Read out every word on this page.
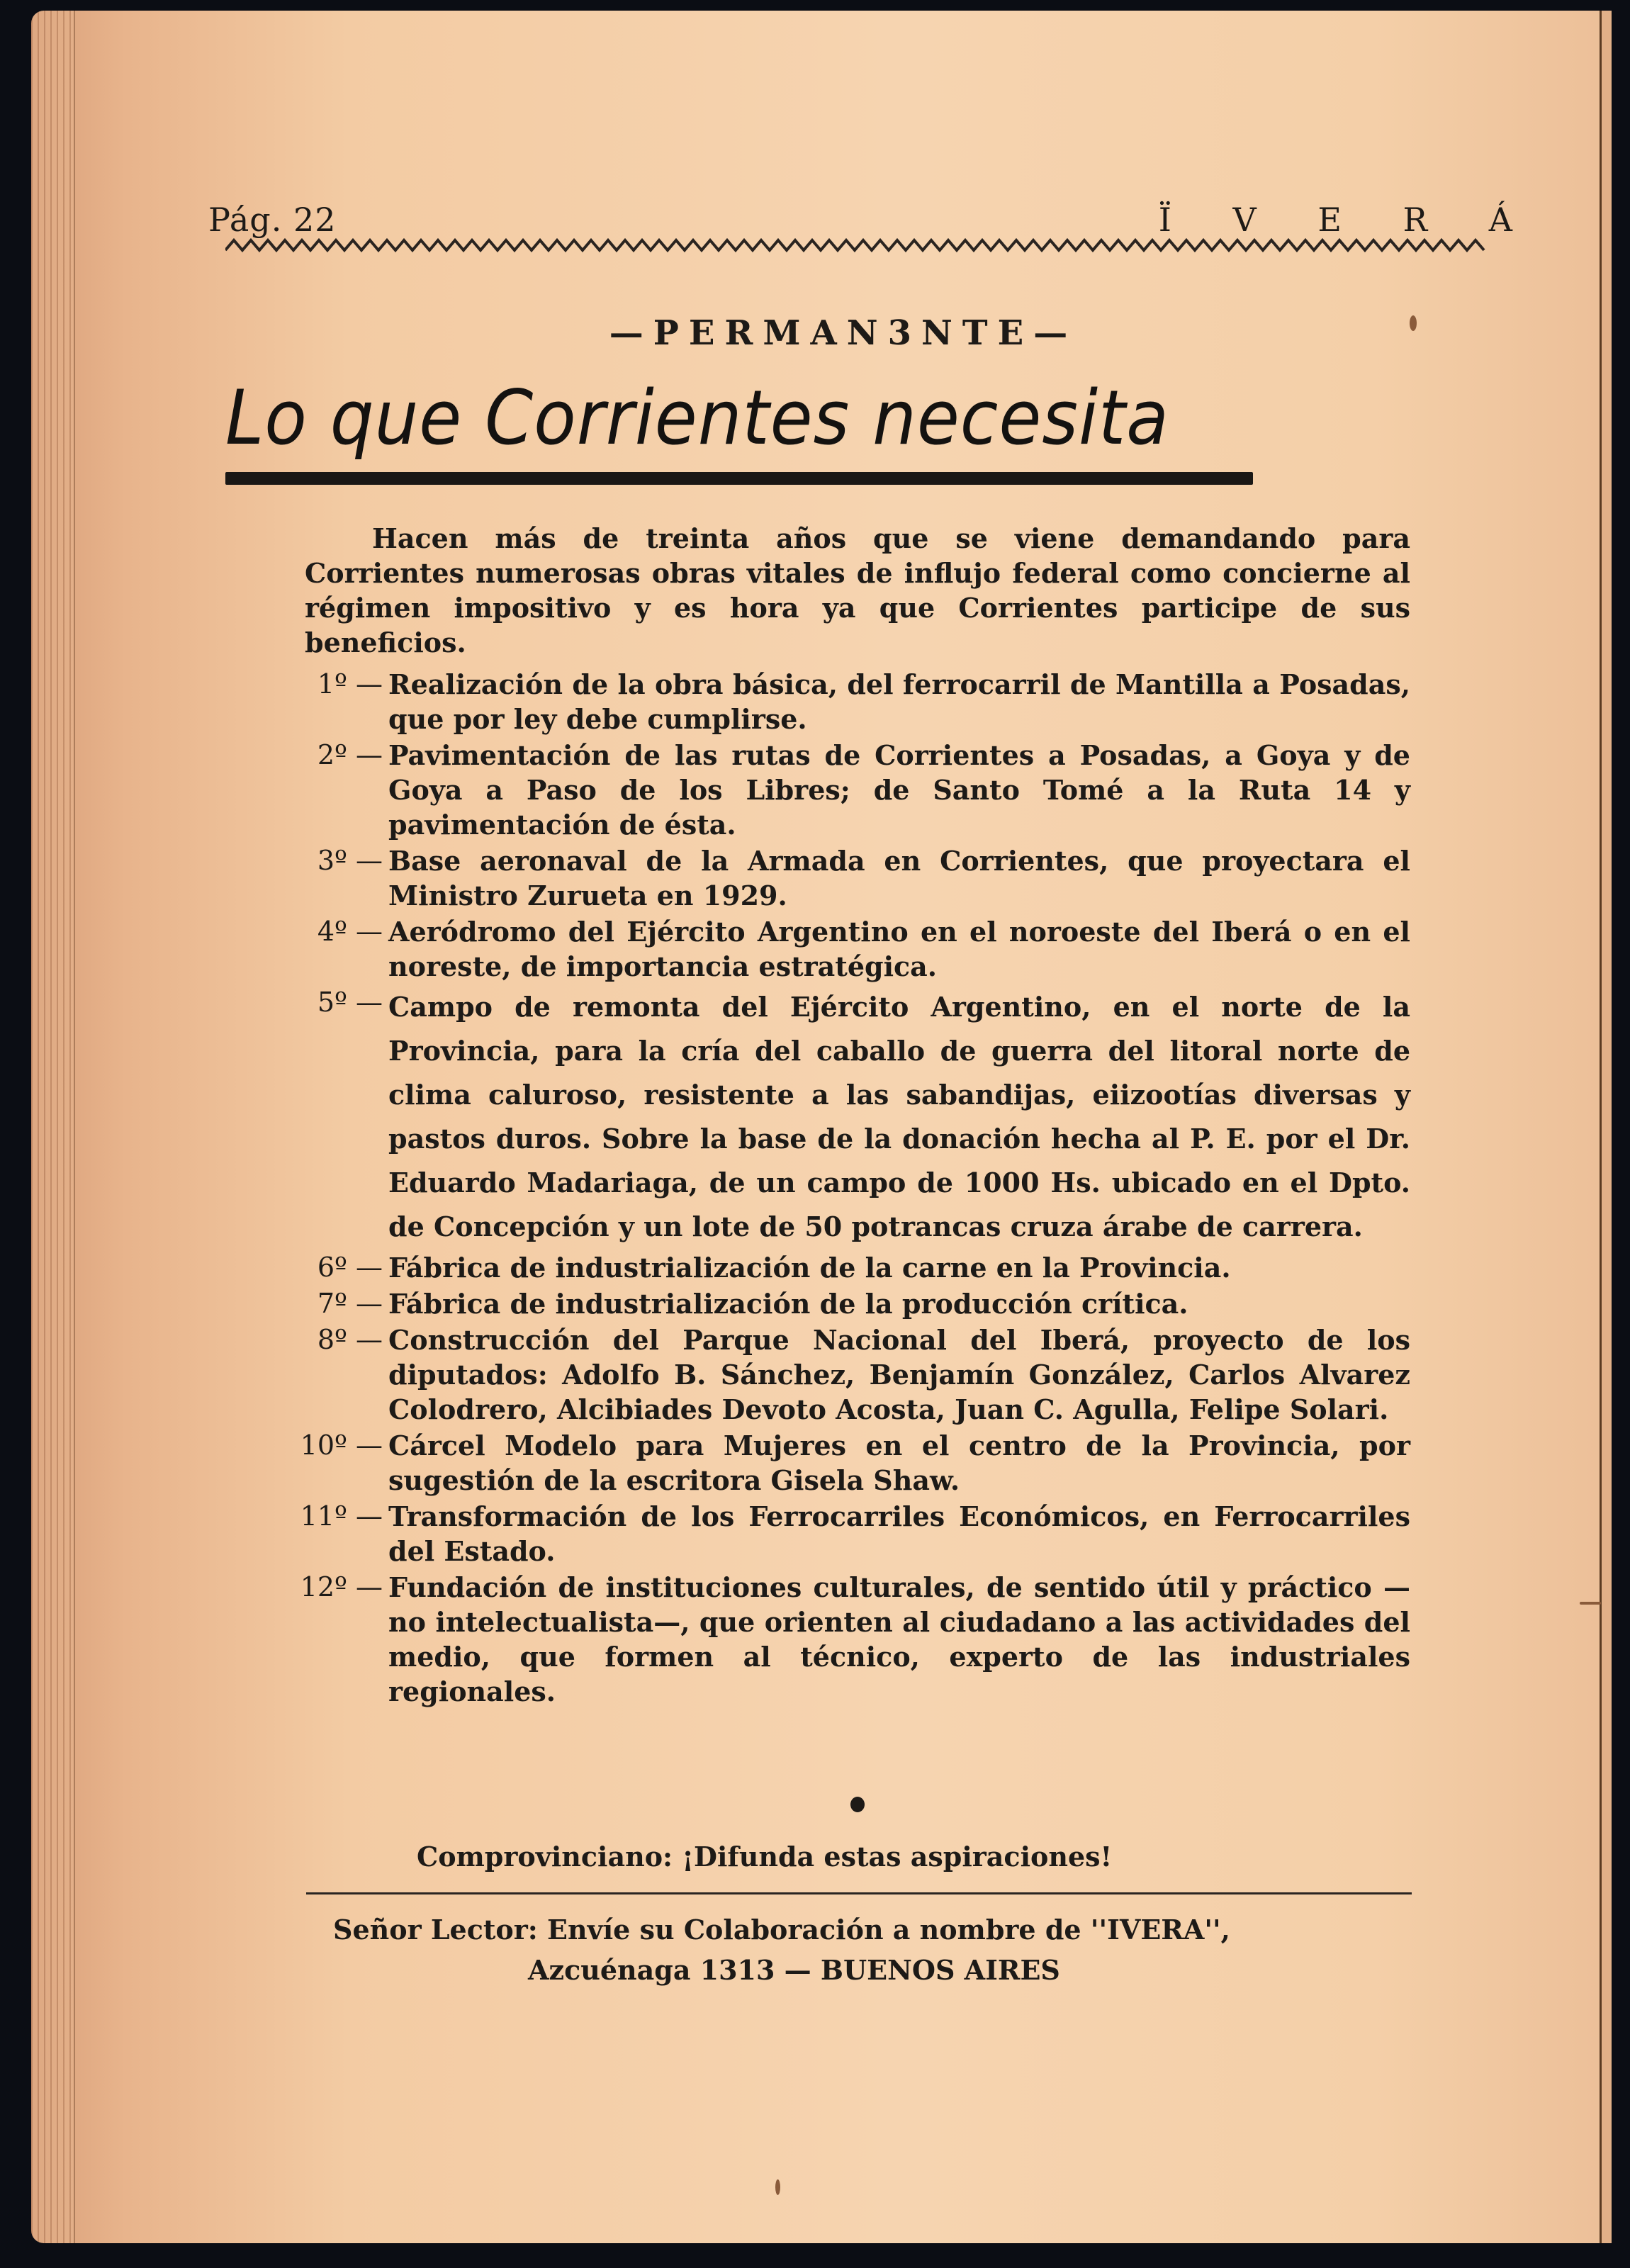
Pág. 22	Ï V E R Á
—PERMAN3NTE—
Lo que Corrientes necesita

Hacen más de treinta años que se viene demandando para Corrientes numerosas obras vitales de influjo federal como concierne al régimen impositivo y es hora ya que Corrientes participe de sus beneficios.

1º — Realización de la obra básica, del ferrocarril de Mantilla a Posadas, que por ley debe cumplirse.
2º — Pavimentación de las rutas de Corrientes a Posadas, a Goya y de Goya a Paso de los Libres; de Santo Tomé a la Ruta 14 y pavimentación de ésta.
3º — Base aeronaval de la Armada en Corrientes, que proyectara el Ministro Zurueta en 1929.
4º — Aeródromo del Ejército Argentino en el noroeste del Iberá o en el noreste, de importancia estratégica.
5º — Campo de remonta del Ejército Argentino, en el norte de la Provincia, para la cría del caballo de guerra del litoral norte de clima caluroso, resistente a las sabandijas, eiizootías diversas y pastos duros. Sobre la base de la donación hecha al P. E. por el Dr. Eduardo Madariaga, de un campo de 1000 Hs. ubicado en el Dpto. de Concepción y un lote de 50 potrancas cruza árabe de carrera.
6º — Fábrica de industrialización de la carne en la Provincia.
7º — Fábrica de industrialización de la producción crítica.
8º — Construcción del Parque Nacional del Iberá, proyecto de los diputados: Adolfo B. Sánchez, Benjamín González, Carlos Alvarez Colodrero, Alcibiades Devoto Acosta, Juan C. Agulla, Felipe Solari.
10º — Cárcel Modelo para Mujeres en el centro de la Provincia, por sugestión de la escritora Gisela Shaw.
11º — Transformación de los Ferrocarriles Económicos, en Ferrocarriles del Estado.
12º — Fundación de instituciones culturales, de sentido útil y práctico —no intelectualista—, que orienten al ciudadano a las actividades del medio, que formen al técnico, experto de las industriales regionales.
Comprovinciano: ¡Difunda estas aspiraciones!
Señor Lector: Envíe su Colaboración a nombre de ''IVERA'',
Azcuénaga 1313 — BUENOS AIRES
